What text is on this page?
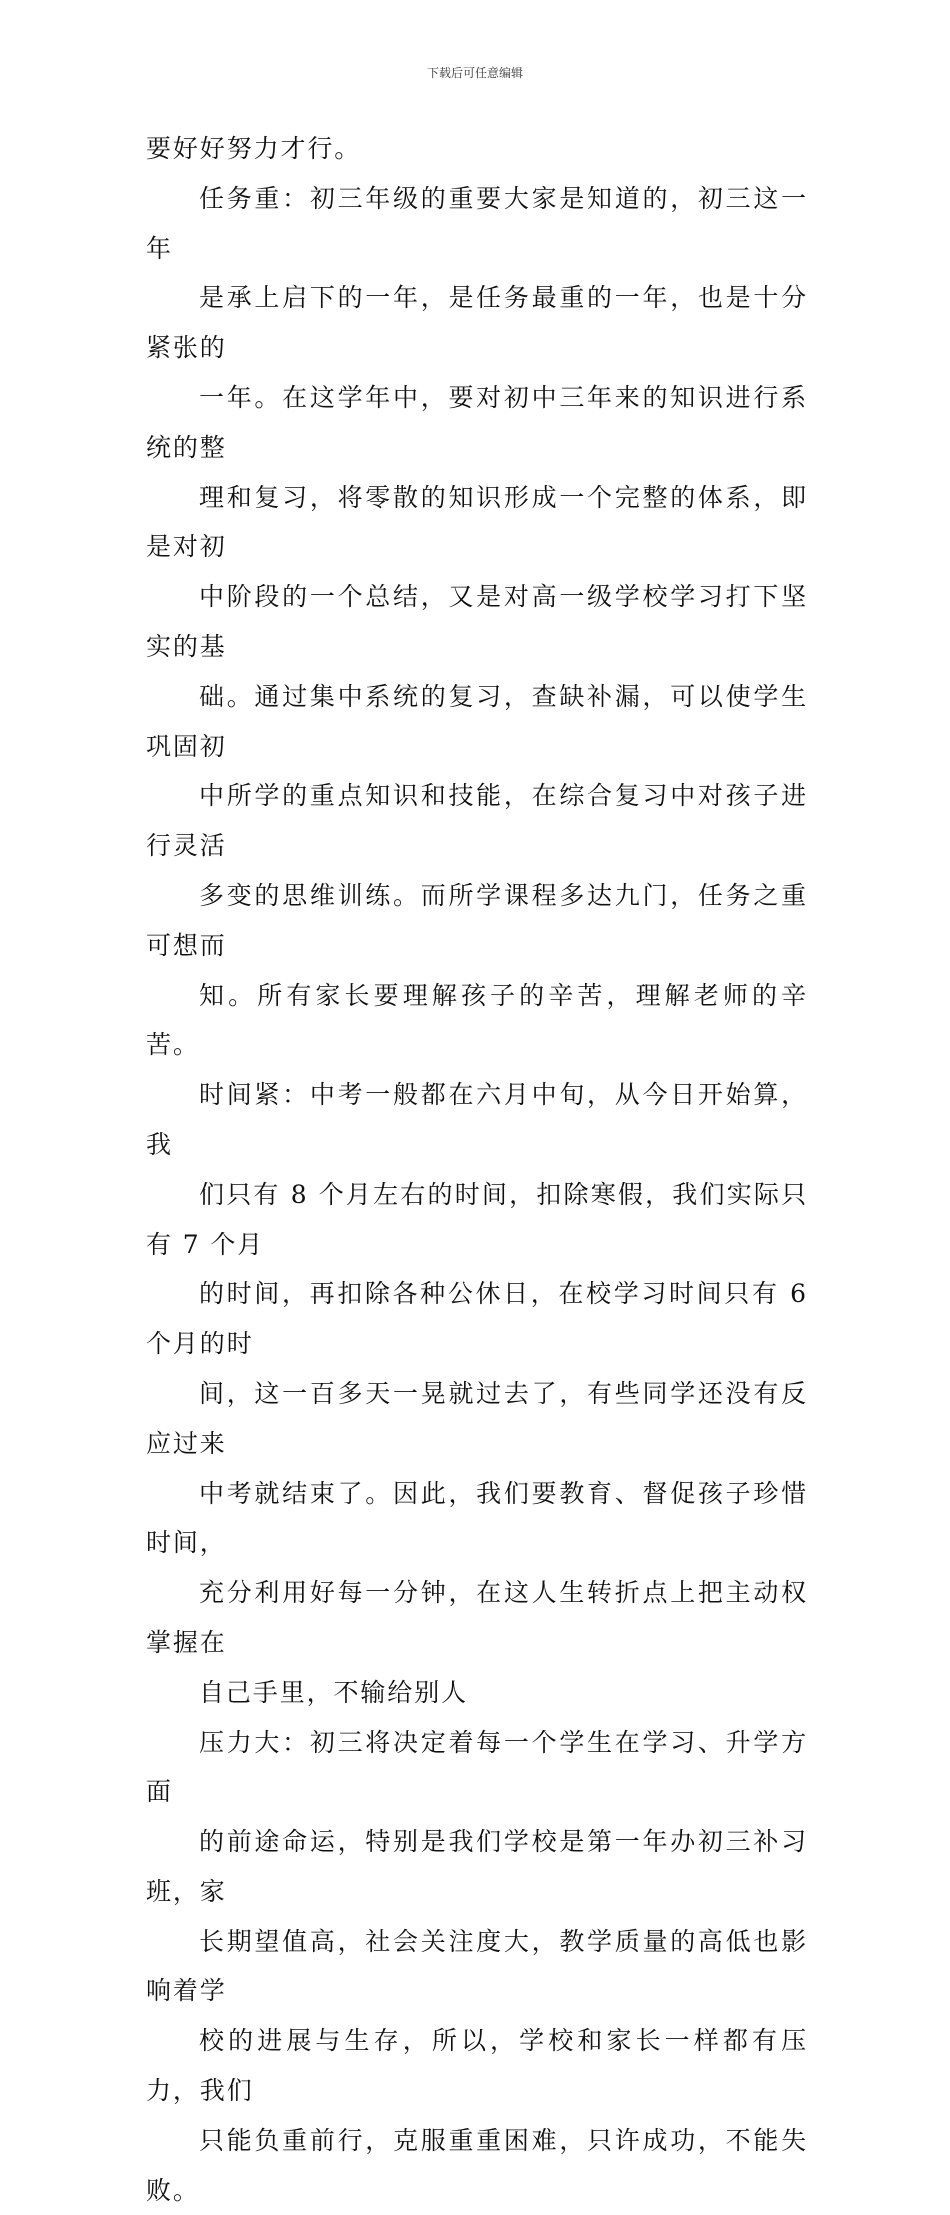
下载后可任意编辑
要好好努力才行。
任务重：初三年级的重要大家是知道的，初三这一年
是承上启下的一年，是任务最重的一年，也是十分紧张的
一年。在这学年中，要对初中三年来的知识进行系统的整
理和复习，将零散的知识形成一个完整的体系，即是对初
中阶段的一个总结，又是对高一级学校学习打下坚实的基
础。通过集中系统的复习，查缺补漏，可以使学生巩固初
中所学的重点知识和技能，在综合复习中对孩子进行灵活
多变的思维训练。而所学课程多达九门，任务之重可想而
知。所有家长要理解孩子的辛苦，理解老师的辛苦。
时间紧：中考一般都在六月中旬，从今日开始算，我
们只有 8 个月左右的时间，扣除寒假，我们实际只有 7 个月
的时间，再扣除各种公休日，在校学习时间只有 6 个月的时
间，这一百多天一晃就过去了，有些同学还没有反应过来
中考就结束了。因此，我们要教育、督促孩子珍惜时间，
充分利用好每一分钟，在这人生转折点上把主动权掌握在
自己手里，不输给别人
压力大：初三将决定着每一个学生在学习、升学方面
的前途命运，特别是我们学校是第一年办初三补习班，家
长期望值高，社会关注度大，教学质量的高低也影响着学
校的进展与生存，所以，学校和家长一样都有压力，我们
只能负重前行，克服重重困难，只许成功，不能失败。
